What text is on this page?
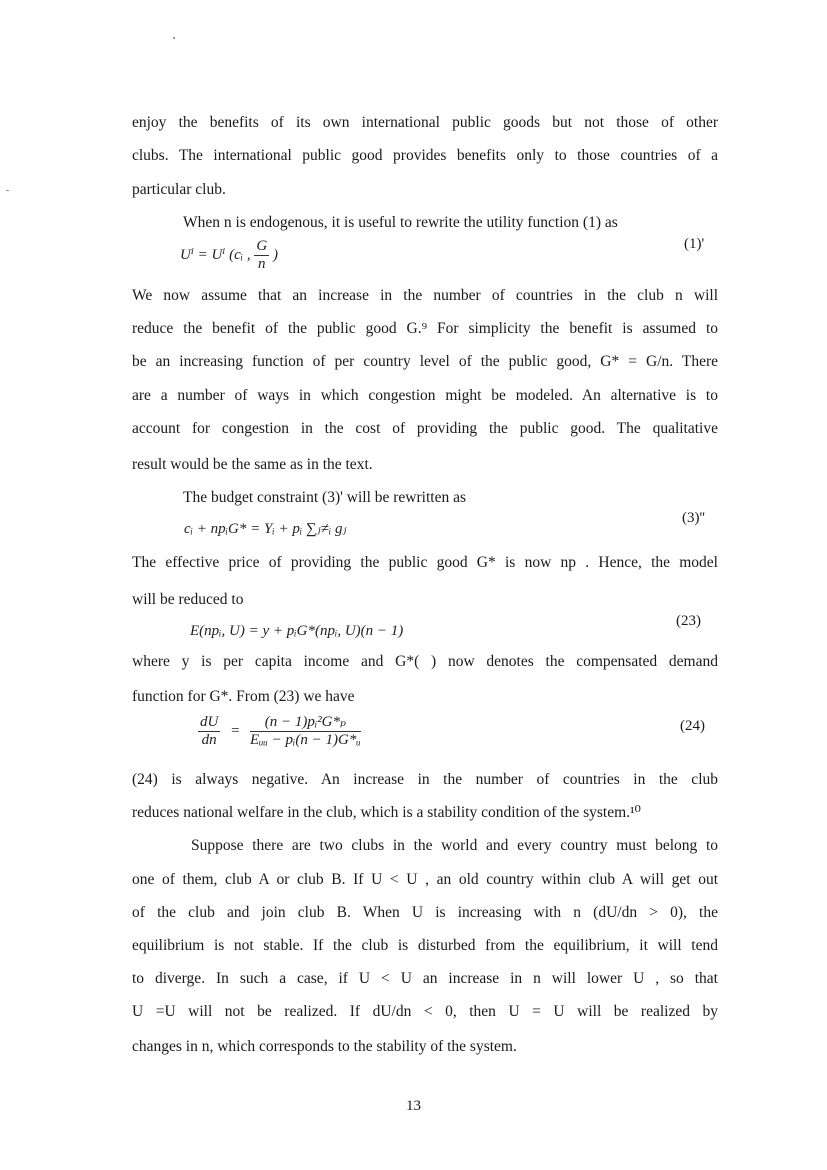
enjoy the benefits of its own international public goods but not those of other
clubs. The international public good provides benefits only to those countries of a
particular club.
When n is endogenous, it is useful to rewrite the utility function (1) as
Uⁱ = Uⁱ (cᵢ , $\frac{G}{n}$ )
(1)'
We now assume that an increase in the number of countries in the club n will
reduce the benefit of the public good G.⁹ For simplicity the benefit is assumed to
be an increasing function of per country level of the public good, G* = G/n. There
are a number of ways in which congestion might be modeled. An alternative is to
account for congestion in the cost of providing the public good. The qualitative
result would be the same as in the text.
The budget constraint (3)' will be rewritten as
cᵢ + npᵢG* = Yᵢ + pᵢ ∑ⱼ≠ᵢ gⱼ
(3)''
The effective price of providing the public good G* is now np . Hence, the model
will be reduced to
E(npᵢ, U) = y + pᵢG*(npᵢ, U)(n − 1)
(23)
where y is per capita income and G*( ) now denotes the compensated demand
function for G*. From (23) we have
$\frac{dU}{dn} = \frac{\text{(n − 1)pᵢ²G*ₚ}}{\text{Eᵤᵤ − pᵢ(n − 1)G*ᵤ}}$	(24)
(24) is always negative. An increase in the number of countries in the club
reduces national welfare in the club, which is a stability condition of the system.¹⁰
Suppose there are two clubs in the world and every country must belong to
one of them, club A or club B. If U < U , an old country within club A will get out
of the club and join club B. When U is increasing with n (dU/dn > 0), the
equilibrium is not stable. If the club is disturbed from the equilibrium, it will tend
to diverge. In such a case, if U < U an increase in n will lower U , so that
U =U will not be realized. If dU/dn < 0, then U = U will be realized by
changes in n, which corresponds to the stability of the system.
13
